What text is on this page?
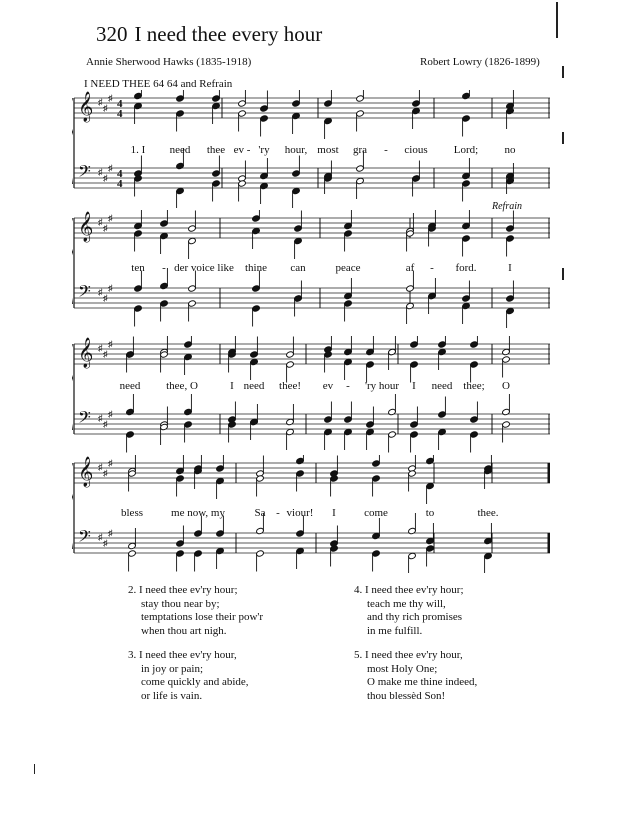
320 I need thee every hour
Annie Sherwood Hawks (1835-1918)	Robert Lowry (1826-1899)
I NEED THEE 64 64 and Refrain
𝄞 ♯
♯
♯ 4
4
𝄢 ♯
♯
♯ 4
4
1. I need thee ev - 'ry hour, most gra - cious Lord; no
Refrain
𝄞 ♯
♯
♯
𝄢 ♯
♯
♯
ten - der voice like thine can	peace	af - ford.	I
𝄞 ♯
♯
♯
𝄢 ♯
♯
♯
need thee, O	I need thee! ev - 'ry hour I need thee; O
𝄞 ♯
♯
♯
𝄢 ♯
♯
♯
bless	me now, my	Sa - viour! I	come	to	thee.
2. I need thee ev'ry hour;
stay thou near by;
temptations lose their pow'r
when thou art nigh.
3. I need thee ev'ry hour,
in joy or pain;
come quickly and abide,
or life is vain.
4. I need thee ev'ry hour;
teach me thy will,
and thy rich promises
in me fulfill.
5. I need thee ev'ry hour,
most Holy One;
O make me thine indeed,
thou blessèd Son!
